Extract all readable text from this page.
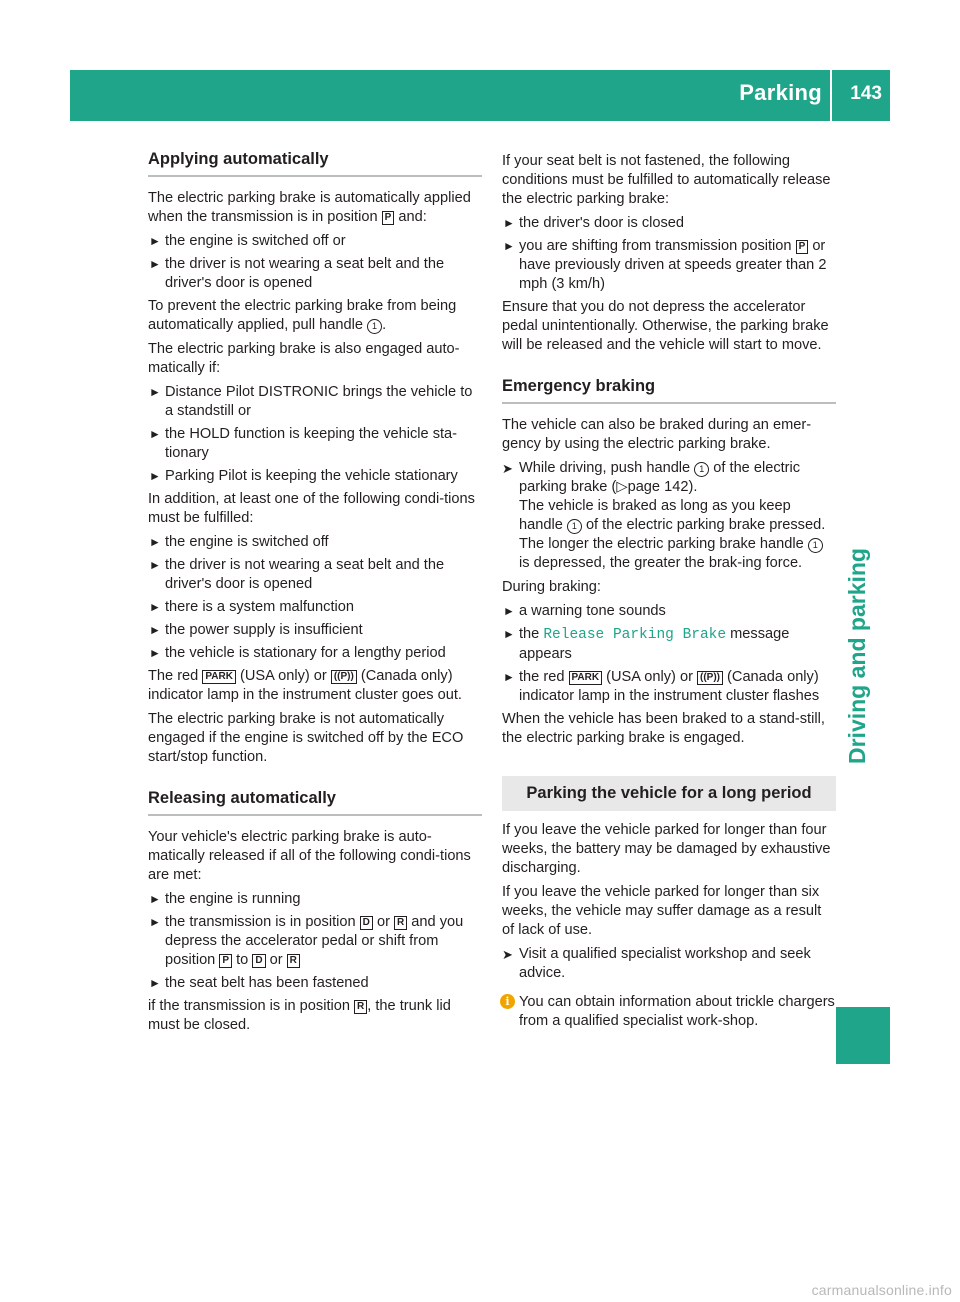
Parking 143
Driving and parking
Applying automatically

The electric parking brake is automatically applied when the transmission is in position P and:

► the engine is switched off or
► the driver is not wearing a seat belt and the driver's door is opened

To prevent the electric parking brake from being automatically applied, pull handle 1 .

The electric parking brake is also engaged auto-matically if:

► Distance Pilot DISTRONIC brings the vehicle to a standstill or
► the HOLD function is keeping the vehicle sta-tionary
► Parking Pilot is keeping the vehicle stationary

In addition, at least one of the following condi-tions must be fulfilled:

► the engine is switched off
► the driver is not wearing a seat belt and the driver's door is opened
► there is a system malfunction
► the power supply is insufficient
► the vehicle is stationary for a lengthy period

The red PARK (USA only) or ((P)) (Canada only) indicator lamp in the instrument cluster goes out.

The electric parking brake is not automatically engaged if the engine is switched off by the ECO start/stop function.

Releasing automatically

Your vehicle's electric parking brake is auto-matically released if all of the following condi-tions are met:

► the engine is running
► the transmission is in position D or R and you depress the accelerator pedal or shift from position P to D or R
► the seat belt has been fastened

if the transmission is in position R , the trunk lid must be closed.

If your seat belt is not fastened, the following conditions must be fulfilled to automatically release the electric parking brake:

► the driver's door is closed
► you are shifting from transmission position P or have previously driven at speeds greater than 2 mph (3 km/h)

Ensure that you do not depress the accelerator pedal unintentionally. Otherwise, the parking brake will be released and the vehicle will start to move.

Emergency braking

The vehicle can also be braked during an emer-gency by using the electric parking brake.

➤ While driving, push handle 1 of the electric parking brake (▷page 142).
The vehicle is braked as long as you keep handle 1 of the electric parking brake pressed. The longer the electric parking brake handle 1 is depressed, the greater the brak-ing force.

During braking:

► a warning tone sounds
► the Release Parking Brake message appears
► the red PARK (USA only) or ((P)) (Canada only) indicator lamp in the instrument cluster flashes

When the vehicle has been braked to a stand-still, the electric parking brake is engaged.

Parking the vehicle for a long period

If you leave the vehicle parked for longer than four weeks, the battery may be damaged by exhaustive discharging.

If you leave the vehicle parked for longer than six weeks, the vehicle may suffer damage as a result of lack of use.

➤ Visit a qualified specialist workshop and seek advice.
i You can obtain information about trickle chargers from a qualified specialist work-shop.
carmanualsonline.info
